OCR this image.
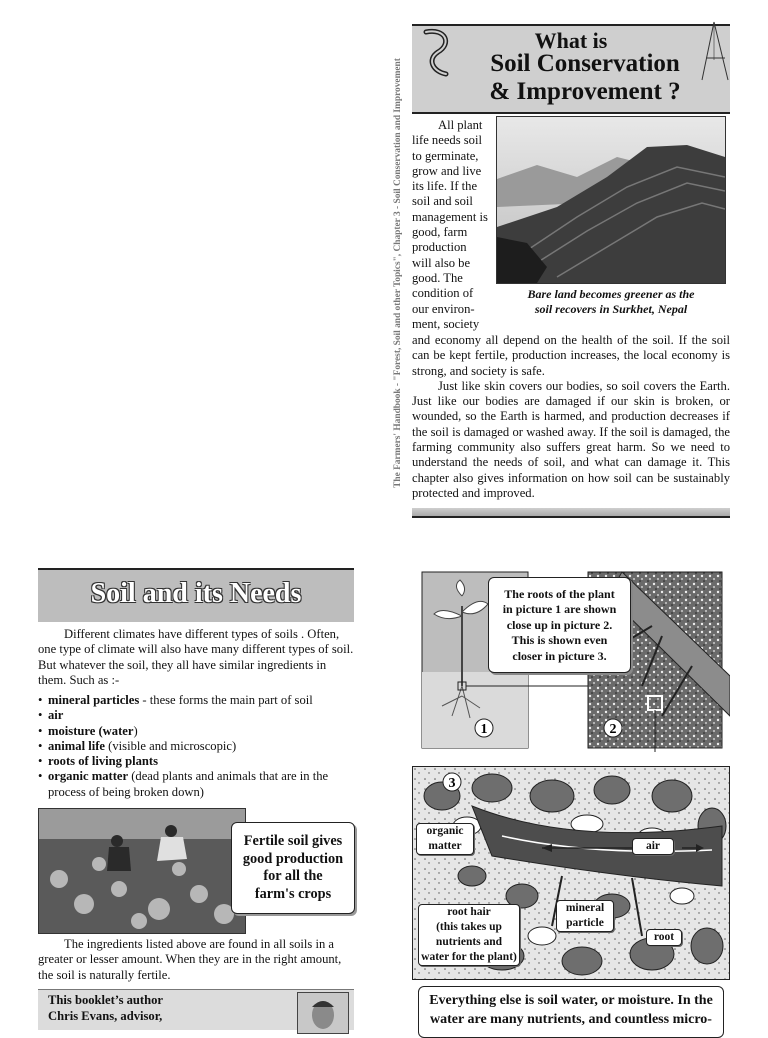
The Farmers' Handbook - "Forest, Soil and other Topics", Chapter 3 - Soil Conservation and Improvement
What is
Soil Conservation
& Improvement ?

All plant

life needs soil

to germinate,

grow and live

its life. If the

soil and soil

management is

good, farm

production

will also be

good. The

condition of

our environ-

ment, society

Bare land becomes greener as the
soil recovers in Surkhet, Nepal

and economy all depend on the health of the soil. If the soil can be kept fertile, production increases, the local economy is strong, and society is safe.

Just like skin covers our bodies, so soil covers the Earth. Just like our bodies are damaged if our skin is broken, or wounded, so the Earth is harmed, and production decreases if the soil is damaged or washed away. If the soil is damaged, the farming community also suffers great harm. So we need to understand the needs of soil, and what can damage it. This chapter also gives information on how soil can be sustainably protected and improved.

Soil and its Needs

Different climates have different types of soils . Often, one type of climate will also have many different types of soil. But whatever the soil, they all have similar ingredients in them. Such as :-

• mineral particles - these forms the main part of soil
• air
• moisture (water)
• animal life (visible and microscopic)
• roots of living plants
• organic matter (dead plants and animals that are in the process of being broken down)
Fertile soil gives
good production
for all the
farm's crops

The ingredients listed above are found in all soils in a greater or lesser amount. When they are in the right amount, the soil is naturally fertile.

This booklet’s author
Chris Evans, advisor,
1	2
The roots of the plant
in picture 1 are shown
close up in picture 2.
This is shown even
closer in picture 3.
3
organic
matter	air
root hair
(this takes up
nutrients and
water for the plant)
mineral
particle
root
Everything else is soil water, or moisture. In the
water are many nutrients, and countless micro-
